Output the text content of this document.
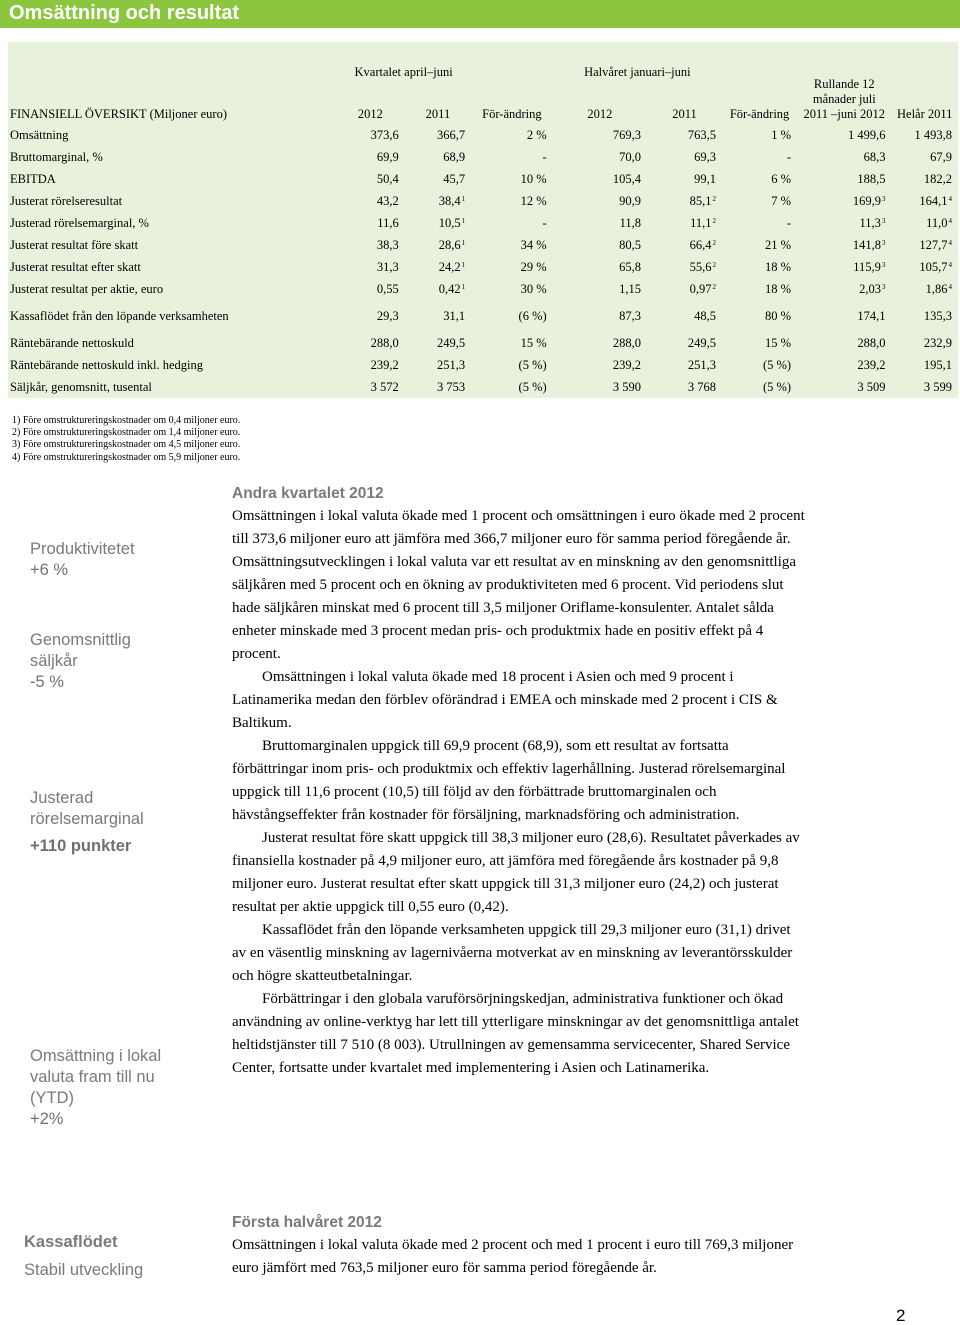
Omsättning och resultat
FINANSIELL ÖVERSIKT (Miljoner euro)	Kvartalet april–juni		För-ändring	Halvåret januari–juni		För-ändring	Rullande 12 månader juli 2011 –juni 2012	Helår 2011
	2012	2011		2012	2011			
Omsättning	373,6	366,7	2 %	769,3	763,5	1 %	1 499,6	1 493,8
Bruttomarginal, %	69,9	68,9	-	70,0	69,3	-	68,3	67,9
EBITDA	50,4	45,7	10 %	105,4	99,1	6 %	188,5	182,2
Justerat rörelseresultat	43,2	38,4$^1$	12 %	90,9	85,1$^2$	7 %	169,9$^3$	164,1$^4$
Justerad rörelsemarginal, %	11,6	10,5$^1$	-	11,8	11,1$^2$	-	11,3$^3$	11,0$^4$
Justerat resultat före skatt	38,3	28,6$^1$	34 %	80,5	66,4$^2$	21 %	141,8$^3$	127,7$^4$
Justerat resultat efter skatt	31,3	24,2$^1$	29 %	65,8	55,6$^2$	18 %	115,9$^3$	105,7$^4$
Justerat resultat per aktie, euro	0,55	0,42$^1$	30 %	1,15	0,97$^2$	18 %	2,03$^3$	1,86$^4$
Kassaflödet från den löpande verksamheten	29,3	31,1	(6 %)	87,3	48,5	80 %	174,1	135,3
Räntebärande nettoskuld	288,0	249,5	15 %	288,0	249,5	15 %	288,0	232,9
Räntebärande nettoskuld inkl. hedging	239,2	251,3	(5 %)	239,2	251,3	(5 %)	239,2	195,1
Säljkår, genomsnitt, tusental	3 572	3 753	(5 %)	3 590	3 768	(5 %)	3 509	3 599
1) Före omstruktureringskostnader om 0,4 miljoner euro.
2) Före omstruktureringskostnader om 1,4 miljoner euro.
3) Före omstruktureringskostnader om 4,5 miljoner euro.
4) Före omstruktureringskostnader om 5,9 miljoner euro.
Produktivitetet
+6 %
Genomsnittlig säljkår
-5 %
Justerad rörelsemarginal
+110 punkter
Omsättning i lokal valuta fram till nu (YTD)
+2%
Kassaflödet
Stabil utveckling
Andra kvartalet 2012

Omsättningen i lokal valuta ökade med 1 procent och omsättningen i euro ökade med 2 procent till 373,6 miljoner euro att jämföra med 366,7 miljoner euro för samma period föregående år. Omsättningsutvecklingen i lokal valuta var ett resultat av en minskning av den genomsnittliga säljkåren med 5 procent och en ökning av produktiviteten med 6 procent. Vid periodens slut hade säljkåren minskat med 6 procent till 3,5 miljoner Oriflame-konsulenter. Antalet sålda enheter minskade med 3 procent medan pris- och produktmix hade en positiv effekt på 4 procent.

Omsättningen i lokal valuta ökade med 18 procent i Asien och med 9 procent i Latinamerika medan den förblev oförändrad i EMEA och minskade med 2 procent i CIS & Baltikum.

Bruttomarginalen uppgick till 69,9 procent (68,9), som ett resultat av fortsatta förbättringar inom pris- och produktmix och effektiv lagerhållning. Justerad rörelsemarginal uppgick till 11,6 procent (10,5) till följd av den förbättrade bruttomarginalen och hävstångseffekter från kostnader för försäljning, marknadsföring och administration.

Justerat resultat före skatt uppgick till 38,3 miljoner euro (28,6). Resultatet påverkades av finansiella kostnader på 4,9 miljoner euro, att jämföra med föregående års kostnader på 9,8 miljoner euro. Justerat resultat efter skatt uppgick till 31,3 miljoner euro (24,2) och justerat resultat per aktie uppgick till 0,55 euro (0,42).

Kassaflödet från den löpande verksamheten uppgick till 29,3 miljoner euro (31,1) drivet av en väsentlig minskning av lagernivåerna motverkat av en minskning av leverantörsskulder och högre skatteutbetalningar.

Förbättringar i den globala varuförsörjningskedjan, administrativa funktioner och ökad användning av online-verktyg har lett till ytterligare minskningar av det genomsnittliga antalet heltidstjänster till 7 510 (8 003). Utrullningen av gemensamma servicecenter, Shared Service Center, fortsatte under kvartalet med implementering i Asien och Latinamerika.

Första halvåret 2012

Omsättningen i lokal valuta ökade med 2 procent och med 1 procent i euro till 769,3 miljoner euro jämfört med 763,5 miljoner euro för samma period föregående år.

2
